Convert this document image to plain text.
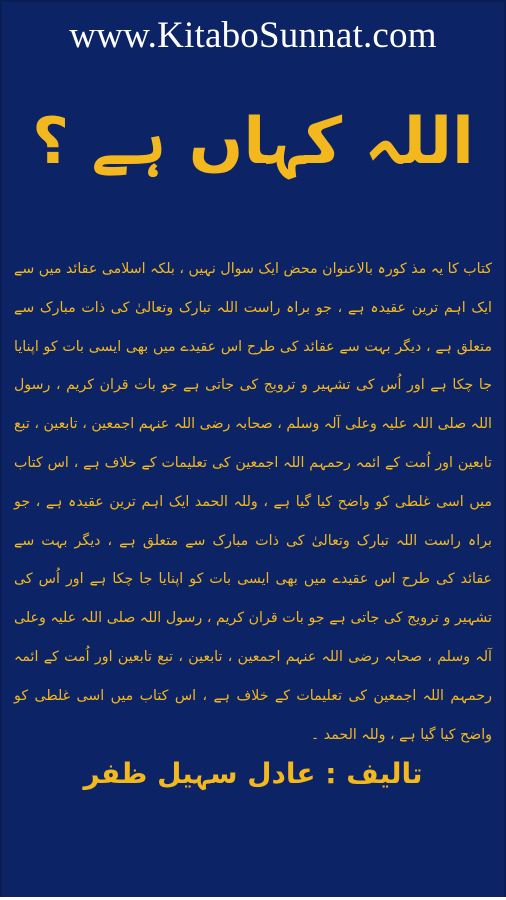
www.KitaboSunnat.com
اللہ کہاں ہے ؟
کتاب کا یہ مذ کورہ بالاعنوان محض ایک سوال نہیں ، بلکہ اسلامی عقائد میں سے ایک اہم ترین عقیدہ ہے ، جو براہ راست اللہ تبارک وتعالیٰ کی ذات مبارک سے متعلق ہے ، دیگر بہت سے عقائد کی طرح اس عقیدے میں بھی ایسی بات کو اپنایا جا چکا ہے اور اُس کی تشہیر و ترویج کی جاتی ہے جو بات قران کریم ، رسول اللہ صلی اللہ علیہ وعلی آلہ وسلم ، صحابہ رضی اللہ عنہم اجمعین ، تابعین ، تبع تابعین اور اُمت کے ائمہ رحمہم اللہ اجمعین کی تعلیمات کے خلاف ہے ، اس کتاب میں اسی غلطی کو واضح کیا گیا ہے ، وللہ الحمد ایک اہم ترین عقیدہ ہے ، جو براہ راست اللہ تبارک وتعالیٰ کی ذات مبارک سے متعلق ہے ، دیگر بہت سے عقائد کی طرح اس عقیدے میں بھی ایسی بات کو اپنایا جا چکا ہے اور اُس کی تشہیر و ترویج کی جاتی ہے جو بات قران کریم ، رسول اللہ صلی اللہ علیہ وعلی آلہ وسلم ، صحابہ رضی اللہ عنہم اجمعین ، تابعین ، تبع تابعین اور اُمت کے ائمہ رحمہم اللہ اجمعین کی تعلیمات کے خلاف ہے ، اس کتاب میں اسی غلطی کو واضح کیا گیا ہے ، وللہ الحمد ۔
تالیف : عادل سہیل ظفر
